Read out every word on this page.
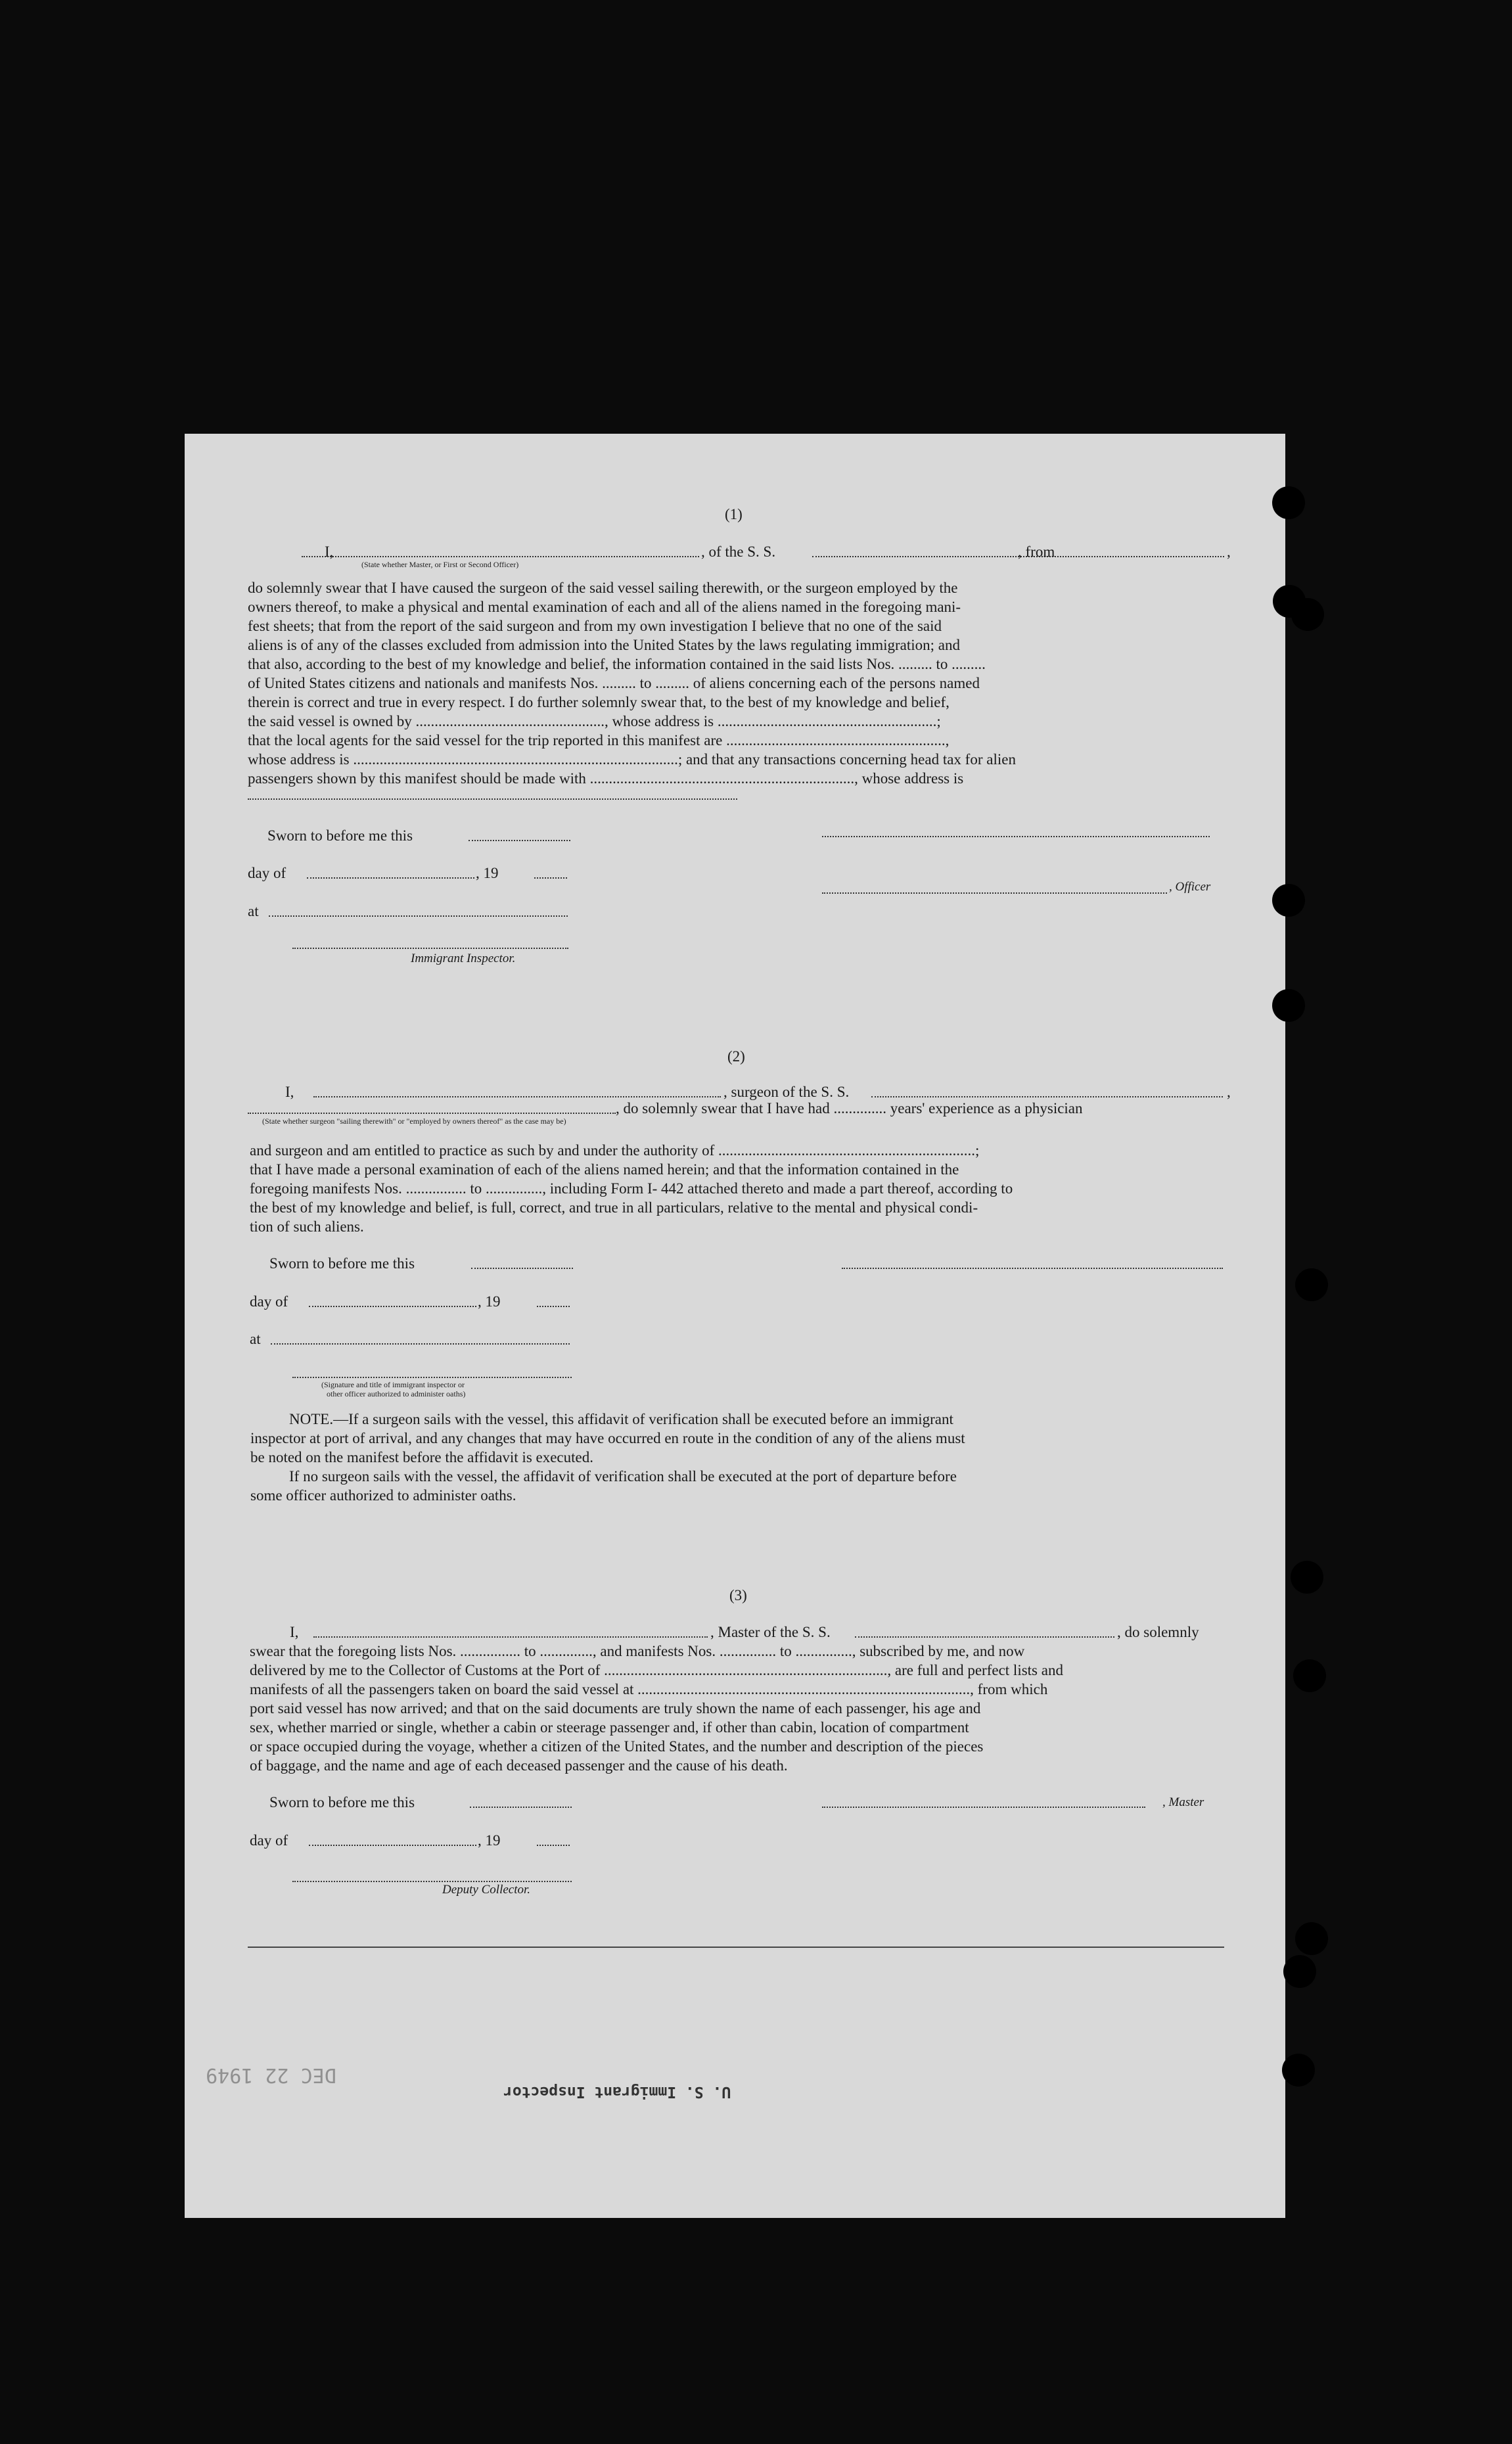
(1)
I,	, of the S. S.	, from	,
(State whether Master, or First or Second Officer)
do solemnly swear that I have caused the surgeon of the said vessel sailing therewith, or the surgeon employed by the
owners thereof, to make a physical and mental examination of each and all of the aliens named in the foregoing mani-
fest sheets; that from the report of the said surgeon and from my own investigation I believe that no one of the said
aliens is of any of the classes excluded from admission into the United States by the laws regulating immigration; and
that also, according to the best of my knowledge and belief, the information contained in the said lists Nos. ......... to .........
of United States citizens and nationals and manifests Nos. ......... to ......... of aliens concerning each of the persons named
therein is correct and true in every respect. I do further solemnly swear that, to the best of my knowledge and belief,
the said vessel is owned by .................................................., whose address is ..........................................................;
that the local agents for the said vessel for the trip reported in this manifest are ..........................................................,
whose address is ......................................................................................; and that any transactions concerning head tax for alien
passengers shown by this manifest should be made with ......................................................................, whose address is
Sworn to before me this
day of	, 19
at
Immigrant Inspector.
, Officer
(2)
I,	, surgeon of the S. S.	,
, do solemnly swear that I have had .............. years' experience as a physician
(State whether surgeon "sailing therewith" or "employed by owners thereof" as the case may be)
and surgeon and am entitled to practice as such by and under the authority of ....................................................................;
that I have made a personal examination of each of the aliens named herein; and that the information contained in the
foregoing manifests Nos. ................ to ..............., including Form I- 442 attached thereto and made a part thereof, according to
the best of my knowledge and belief, is full, correct, and true in all particulars, relative to the mental and physical condi-
tion of such aliens.
Sworn to before me this
day of	, 19
at
(Signature and title of immigrant inspector or
other officer authorized to administer oaths)
NOTE.—If a surgeon sails with the vessel, this affidavit of verification shall be executed before an immigrant
inspector at port of arrival, and any changes that may have occurred en route in the condition of any of the aliens must
be noted on the manifest before the affidavit is executed.
If no surgeon sails with the vessel, the affidavit of verification shall be executed at the port of departure before
some officer authorized to administer oaths.
(3)
I,	, Master of the S. S.	, do solemnly
swear that the foregoing lists Nos. ................ to .............., and manifests Nos. ............... to ..............., subscribed by me, and now
delivered by me to the Collector of Customs at the Port of ..........................................................................., are full and perfect lists and
manifests of all the passengers taken on board the said vessel at ........................................................................................, from which
port said vessel has now arrived; and that on the said documents are truly shown the name of each passenger, his age and
sex, whether married or single, whether a cabin or steerage passenger and, if other than cabin, location of compartment
or space occupied during the voyage, whether a citizen of the United States, and the number and description of the pieces
of baggage, and the name and age of each deceased passenger and the cause of his death.
Sworn to before me this
day of	, 19
Deputy Collector.
, Master
DEC 22 1949
U. S. Immigrant Inspector
